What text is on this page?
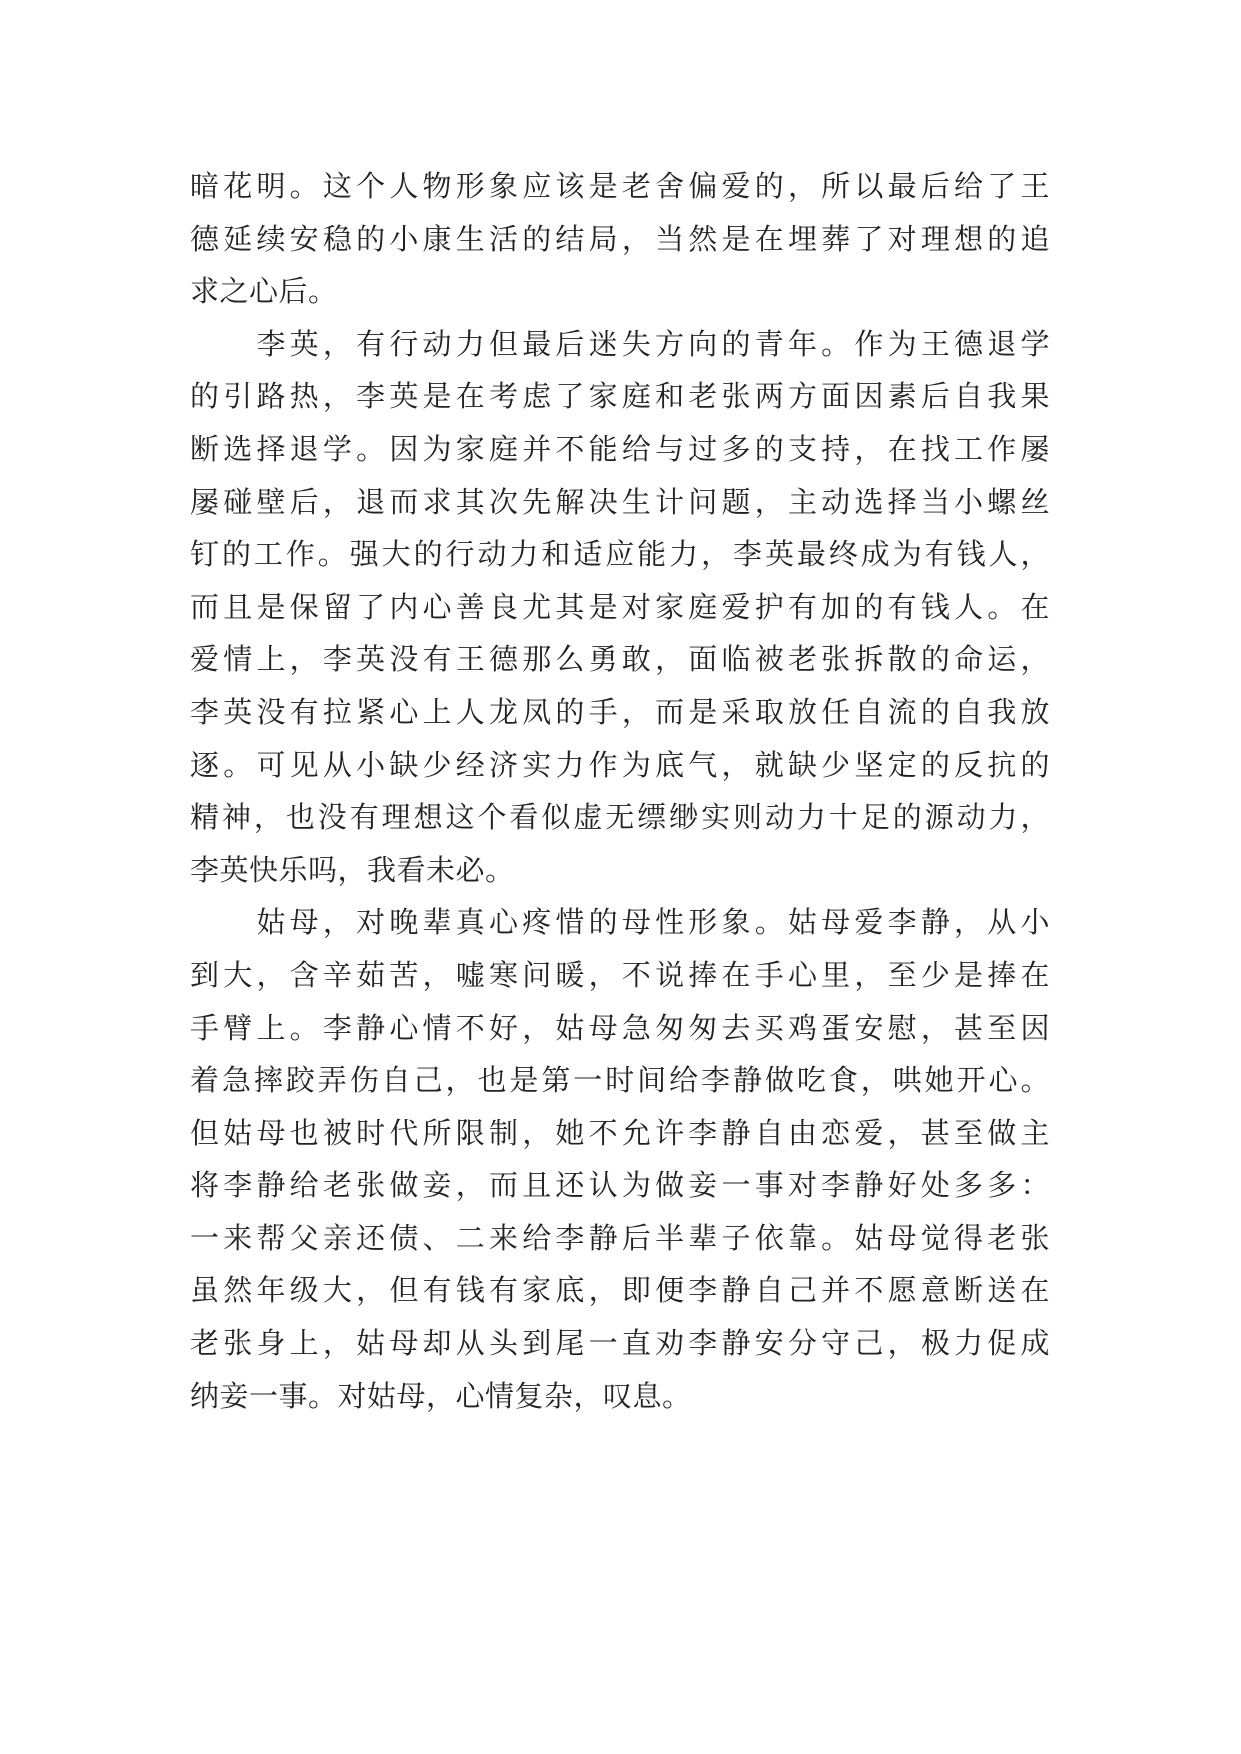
暗花明。这个人物形象应该是老舍偏爱的，所以最后给了王
德延续安稳的小康生活的结局，当然是在埋葬了对理想的追
求之心后。
　　李英，有行动力但最后迷失方向的青年。作为王德退学
的引路热，李英是在考虑了家庭和老张两方面因素后自我果
断选择退学。因为家庭并不能给与过多的支持，在找工作屡
屡碰壁后，退而求其次先解决生计问题，主动选择当小螺丝
钉的工作。强大的行动力和适应能力，李英最终成为有钱人，
而且是保留了内心善良尤其是对家庭爱护有加的有钱人。在
爱情上，李英没有王德那么勇敢，面临被老张拆散的命运，
李英没有拉紧心上人龙凤的手，而是采取放任自流的自我放
逐。可见从小缺少经济实力作为底气，就缺少坚定的反抗的
精神，也没有理想这个看似虚无缥缈实则动力十足的源动力，
李英快乐吗，我看未必。
　　姑母，对晚辈真心疼惜的母性形象。姑母爱李静，从小
到大，含辛茹苦，嘘寒问暖，不说捧在手心里，至少是捧在
手臂上。李静心情不好，姑母急匆匆去买鸡蛋安慰，甚至因
着急摔跤弄伤自己，也是第一时间给李静做吃食，哄她开心。
但姑母也被时代所限制，她不允许李静自由恋爱，甚至做主
将李静给老张做妾，而且还认为做妾一事对李静好处多多：
一来帮父亲还债、二来给李静后半辈子依靠。姑母觉得老张
虽然年级大，但有钱有家底，即便李静自己并不愿意断送在
老张身上，姑母却从头到尾一直劝李静安分守己，极力促成
纳妾一事。对姑母，心情复杂，叹息。
